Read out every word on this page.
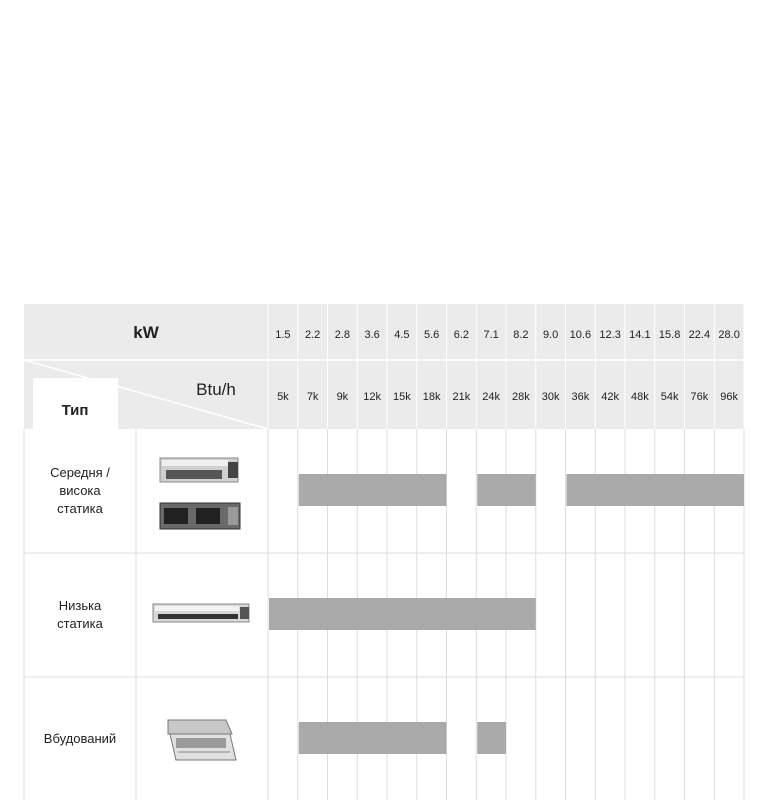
kW
Btu/h
Тип
1.5 2.2 2.8 3.6 4.5 5.6 6.2 7.1 8.2 9.0 10.6 12.3 14.1 15.8 22.4 28.0
5k 7k 9k 12k 15k 18k 21k 24k 28k 30k 36k 42k 48k 54k 76k 96k
Середня /
висока
статика
Низька
статика
Вбудований
